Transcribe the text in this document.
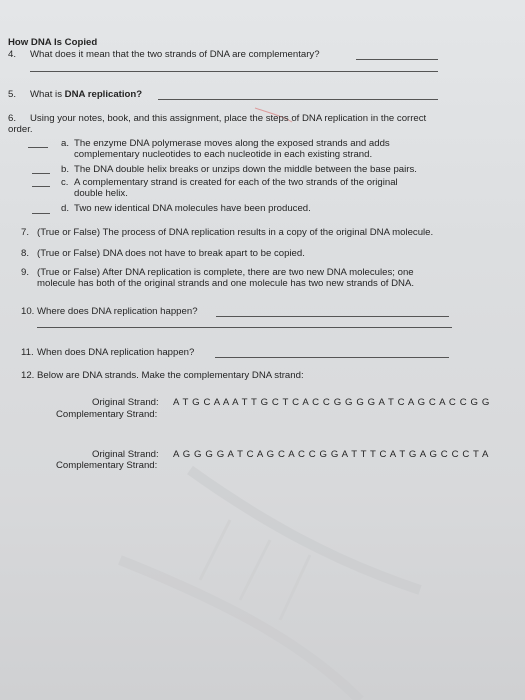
How DNA Is Copied
4. What does it mean that the two strands of DNA are complementary?
5. What is DNA replication?
6. Using your notes, book, and this assignment, place the steps of DNA replication in the correct
order.
a. The enzyme DNA polymerase moves along the exposed strands and adds
complementary nucleotides to each nucleotide in each existing strand.
b. The DNA double helix breaks or unzips down the middle between the base pairs.
c. A complementary strand is created for each of the two strands of the original
double helix.
d. Two new identical DNA molecules have been produced.
7. (True or False) The process of DNA replication results in a copy of the original DNA molecule.
8. (True or False) DNA does not have to break apart to be copied.
9. (True or False) After DNA replication is complete, there are two new DNA molecules; one
molecule has both of the original strands and one molecule has two new strands of DNA.
10. Where does DNA replication happen?
11. When does DNA replication happen?
12. Below are DNA strands. Make the complementary DNA strand:
Original Strand: A T G C A A A T T G C T C A C C G G G G A T C A G C A C C G G
Complementary Strand:
Original Strand: A G G G G A T C A G C A C C G G A T T T C A T G A G C C C T A
Complementary Strand:
